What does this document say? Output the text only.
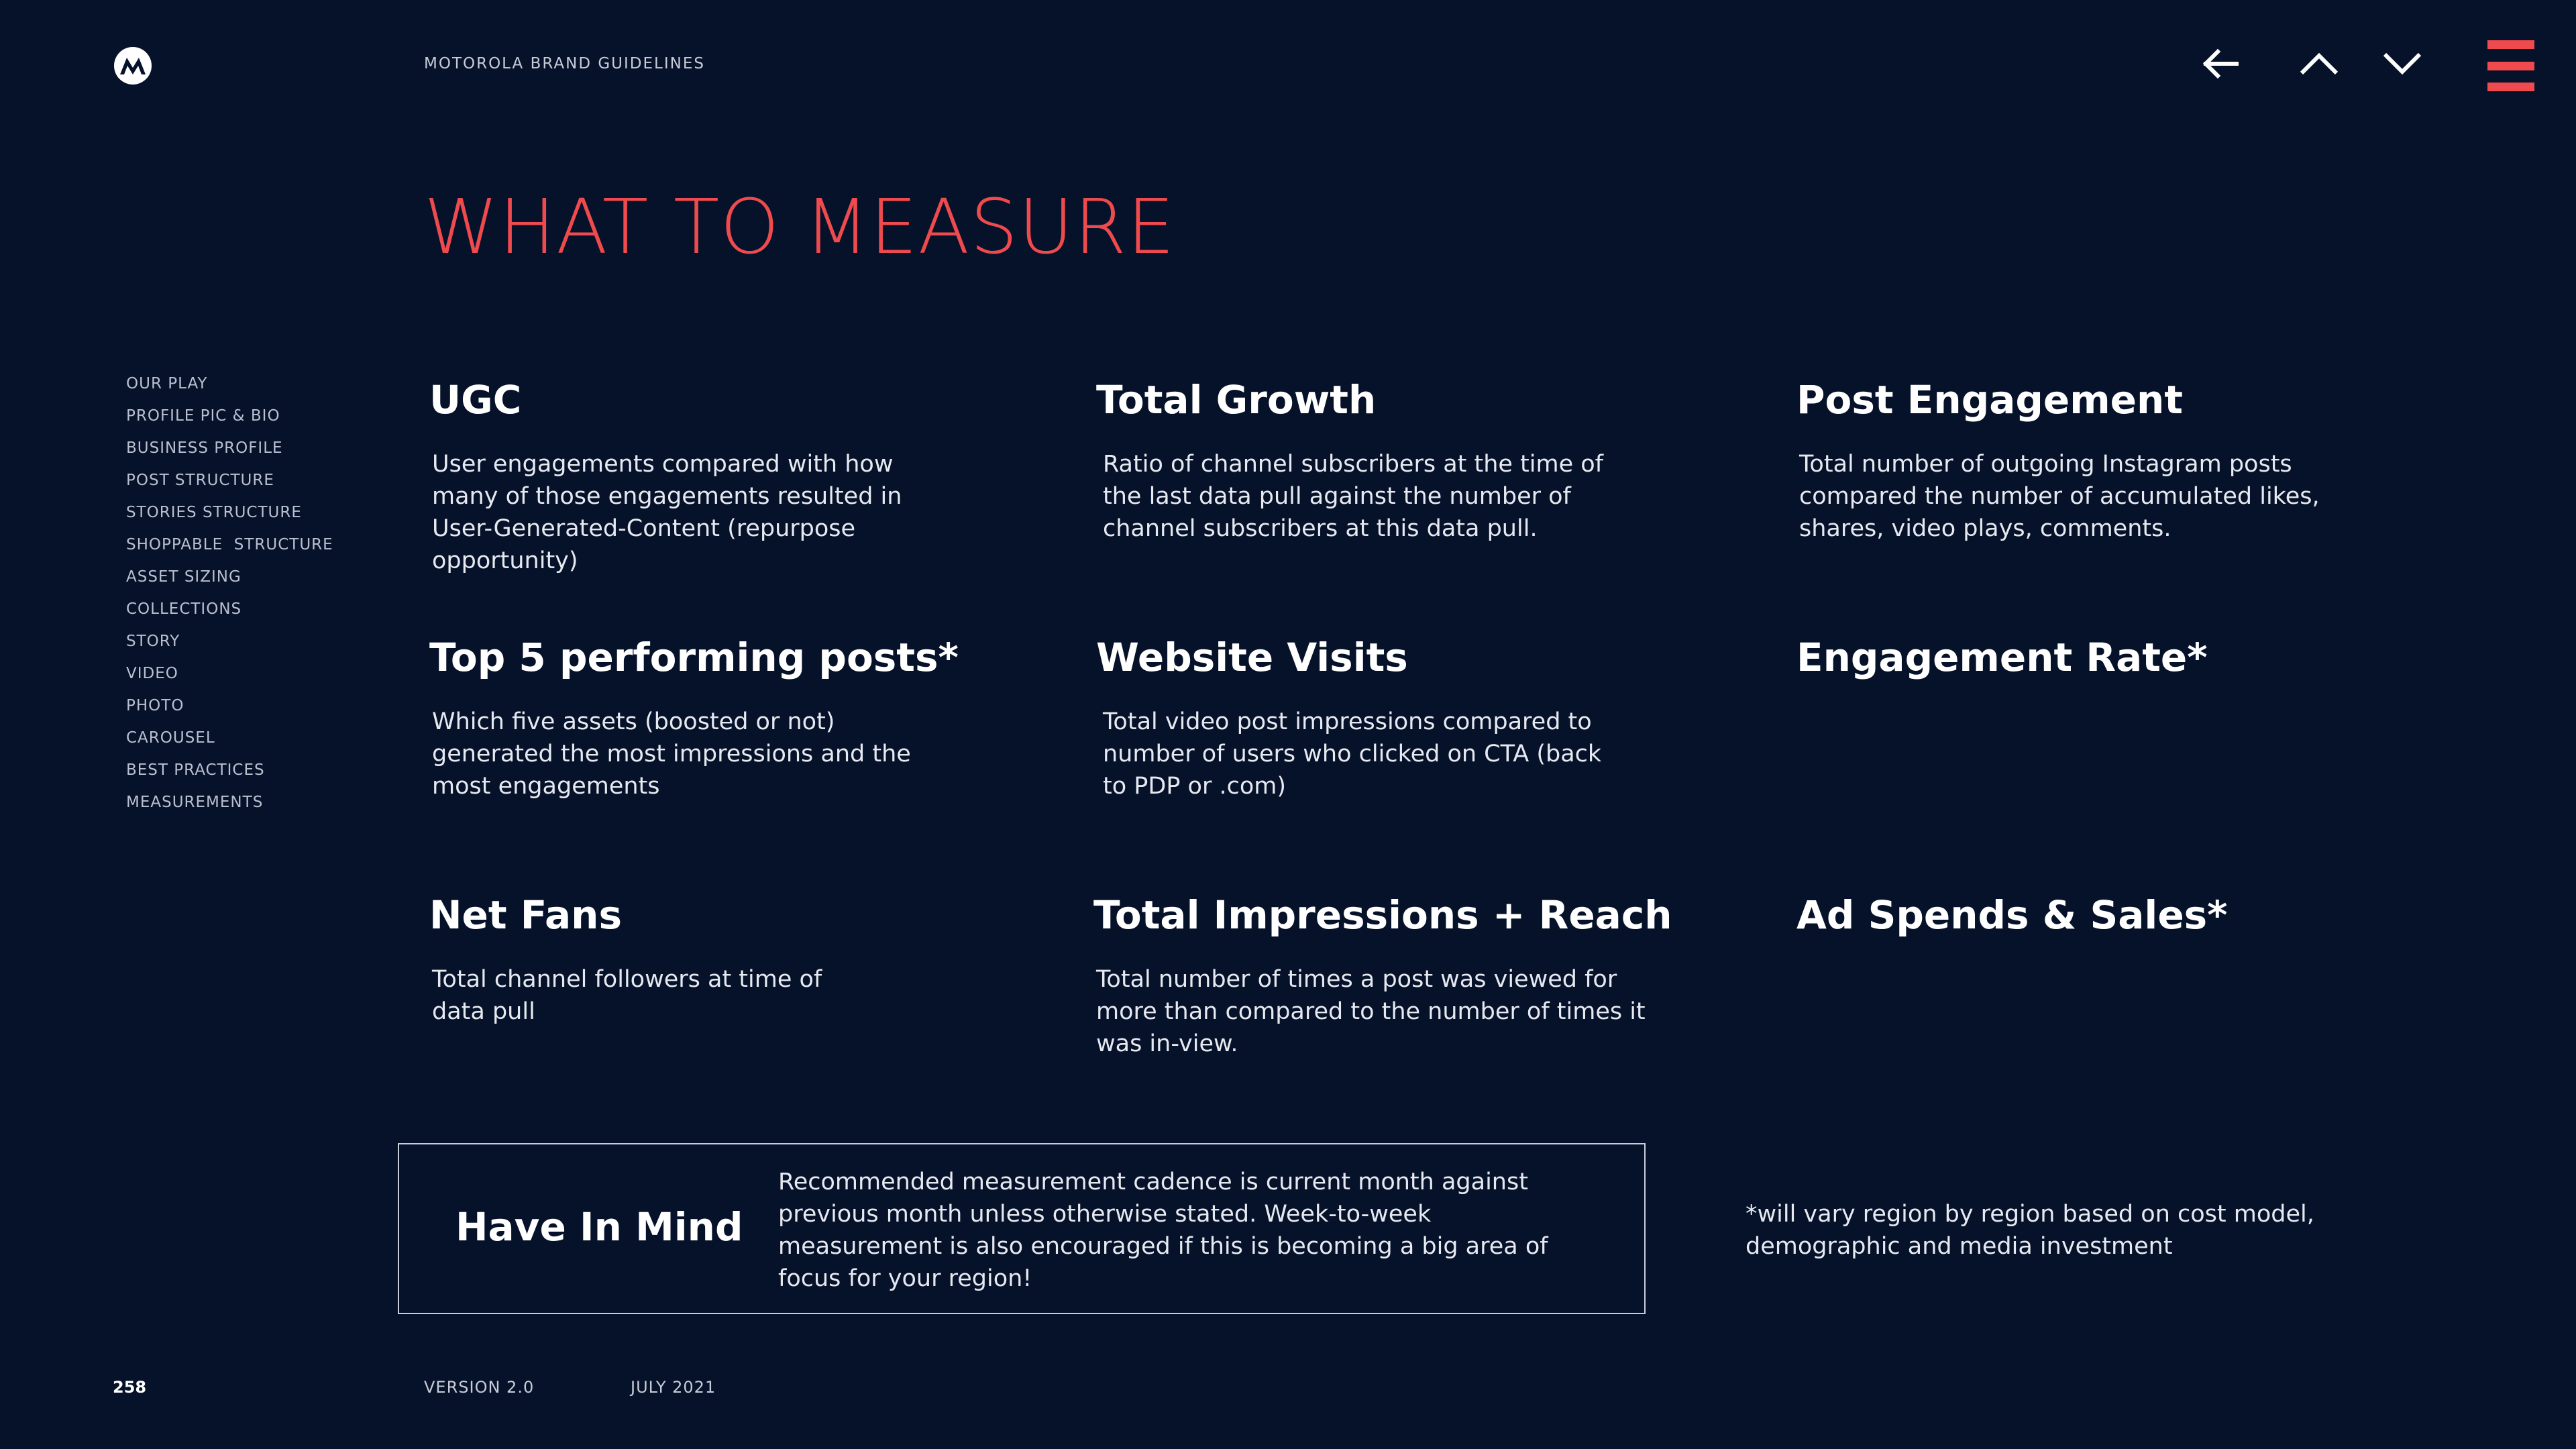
MOTOROLA BRAND GUIDELINES
WHAT TO MEASURE
OUR PLAY
PROFILE PIC & BIO
BUSINESS PROFILE
POST STRUCTURE
STORIES STRUCTURE
SHOPPABLE  STRUCTURE
ASSET SIZING
COLLECTIONS
STORY
VIDEO
PHOTO
CAROUSEL
BEST PRACTICES
MEASUREMENTS
UGC

User engagements compared with how many of those engagements resulted in User-Generated-Content (repurpose opportunity)

Total Growth

Ratio of channel subscribers at the time of the last data pull against the number of channel subscribers at this data pull.

Post Engagement

Total number of outgoing Instagram posts compared the number of accumulated likes, shares, video plays, comments.

Top 5 performing posts*

Which five assets (boosted or not) generated the most impressions and the most engagements

Website Visits

Total video post impressions compared to number of users who clicked on CTA (back to PDP or .com)

Engagement Rate*
Net Fans

Total channel followers at time of data pull

Total Impressions + Reach

Total number of times a post was viewed for more than compared to the number of times it was in-view.

Ad Spends & Sales*
Have In Mind

Recommended measurement cadence is current month against previous month unless otherwise stated. Week-to-week measurement is also encouraged if this is becoming a big area of focus for your region!

*will vary region by region based on cost model, demographic and media investment

258	VERSION 2.0	JULY 2021
